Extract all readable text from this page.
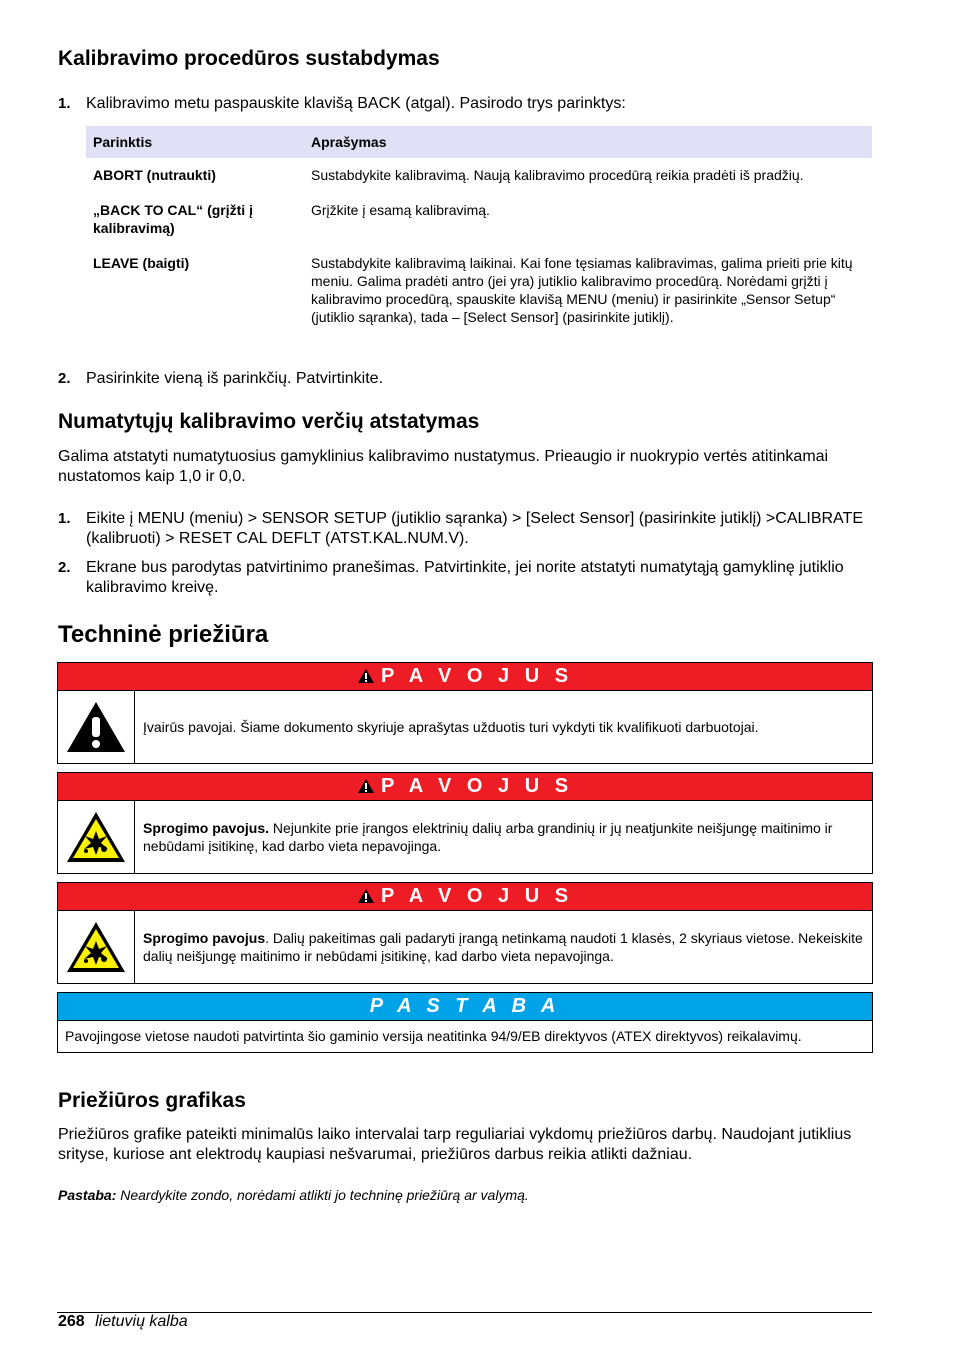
Kalibravimo procedūros sustabdymas
1. Kalibravimo metu paspauskite klavišą BACK (atgal). Pasirodo trys parinktys:
Parinktis	Aprašymas
ABORT (nutraukti)	Sustabdykite kalibravimą. Naują kalibravimo procedūrą reikia pradėti iš pradžių.
„BACK TO CAL“ (grįžti į kalibravimą)	Grįžkite į esamą kalibravimą.
LEAVE (baigti)	Sustabdykite kalibravimą laikinai. Kai fone tęsiamas kalibravimas, galima prieiti prie kitų meniu. Galima pradėti antro (jei yra) jutiklio kalibravimo procedūrą. Norėdami grįžti į kalibravimo procedūrą, spauskite klavišą MENU (meniu) ir pasirinkite „Sensor Setup“ (jutiklio sąranka), tada – [Select Sensor] (pasirinkite jutiklį).
2. Pasirinkite vieną iš parinkčių. Patvirtinkite.
Numatytųjų kalibravimo verčių atstatymas
Galima atstatyti numatytuosius gamyklinius kalibravimo nustatymus. Prieaugio ir nuokrypio vertės atitinkamai nustatomos kaip 1,0 ir 0,0.
1. Eikite į MENU (meniu) > SENSOR SETUP (jutiklio sąranka) > [Select Sensor] (pasirinkite jutiklį) >CALIBRATE (kalibruoti) > RESET CAL DEFLT (ATST.KAL.NUM.V).
2. Ekrane bus parodytas patvirtinimo pranešimas. Patvirtinkite, jei norite atstatyti numatytąją gamyklinę jutiklio kalibravimo kreivę.
Techninė priežiūra
P A V O J U S
Įvairūs pavojai. Šiame dokumento skyriuje aprašytas užduotis turi vykdyti tik kvalifikuoti darbuotojai.
P A V O J U S
Sprogimo pavojus. Nejunkite prie įrangos elektrinių dalių arba grandinių ir jų neatjunkite neišjungę maitinimo ir nebūdami įsitikinę, kad darbo vieta nepavojinga.
P A V O J U S
Sprogimo pavojus. Dalių pakeitimas gali padaryti įrangą netinkamą naudoti 1 klasės, 2 skyriaus vietose. Nekeiskite dalių neišjungę maitinimo ir nebūdami įsitikinę, kad darbo vieta nepavojinga.
P A S T A B A
Pavojingose vietose naudoti patvirtinta šio gaminio versija neatitinka 94/9/EB direktyvos (ATEX direktyvos) reikalavimų.
Priežiūros grafikas
Priežiūros grafike pateikti minimalūs laiko intervalai tarp reguliariai vykdomų priežiūros darbų. Naudojant jutiklius srityse, kuriose ant elektrodų kaupiasi nešvarumai, priežiūros darbus reikia atlikti dažniau.
Pastaba: Neardykite zondo, norėdami atlikti jo techninę priežiūrą ar valymą.
268 lietuvių kalba
